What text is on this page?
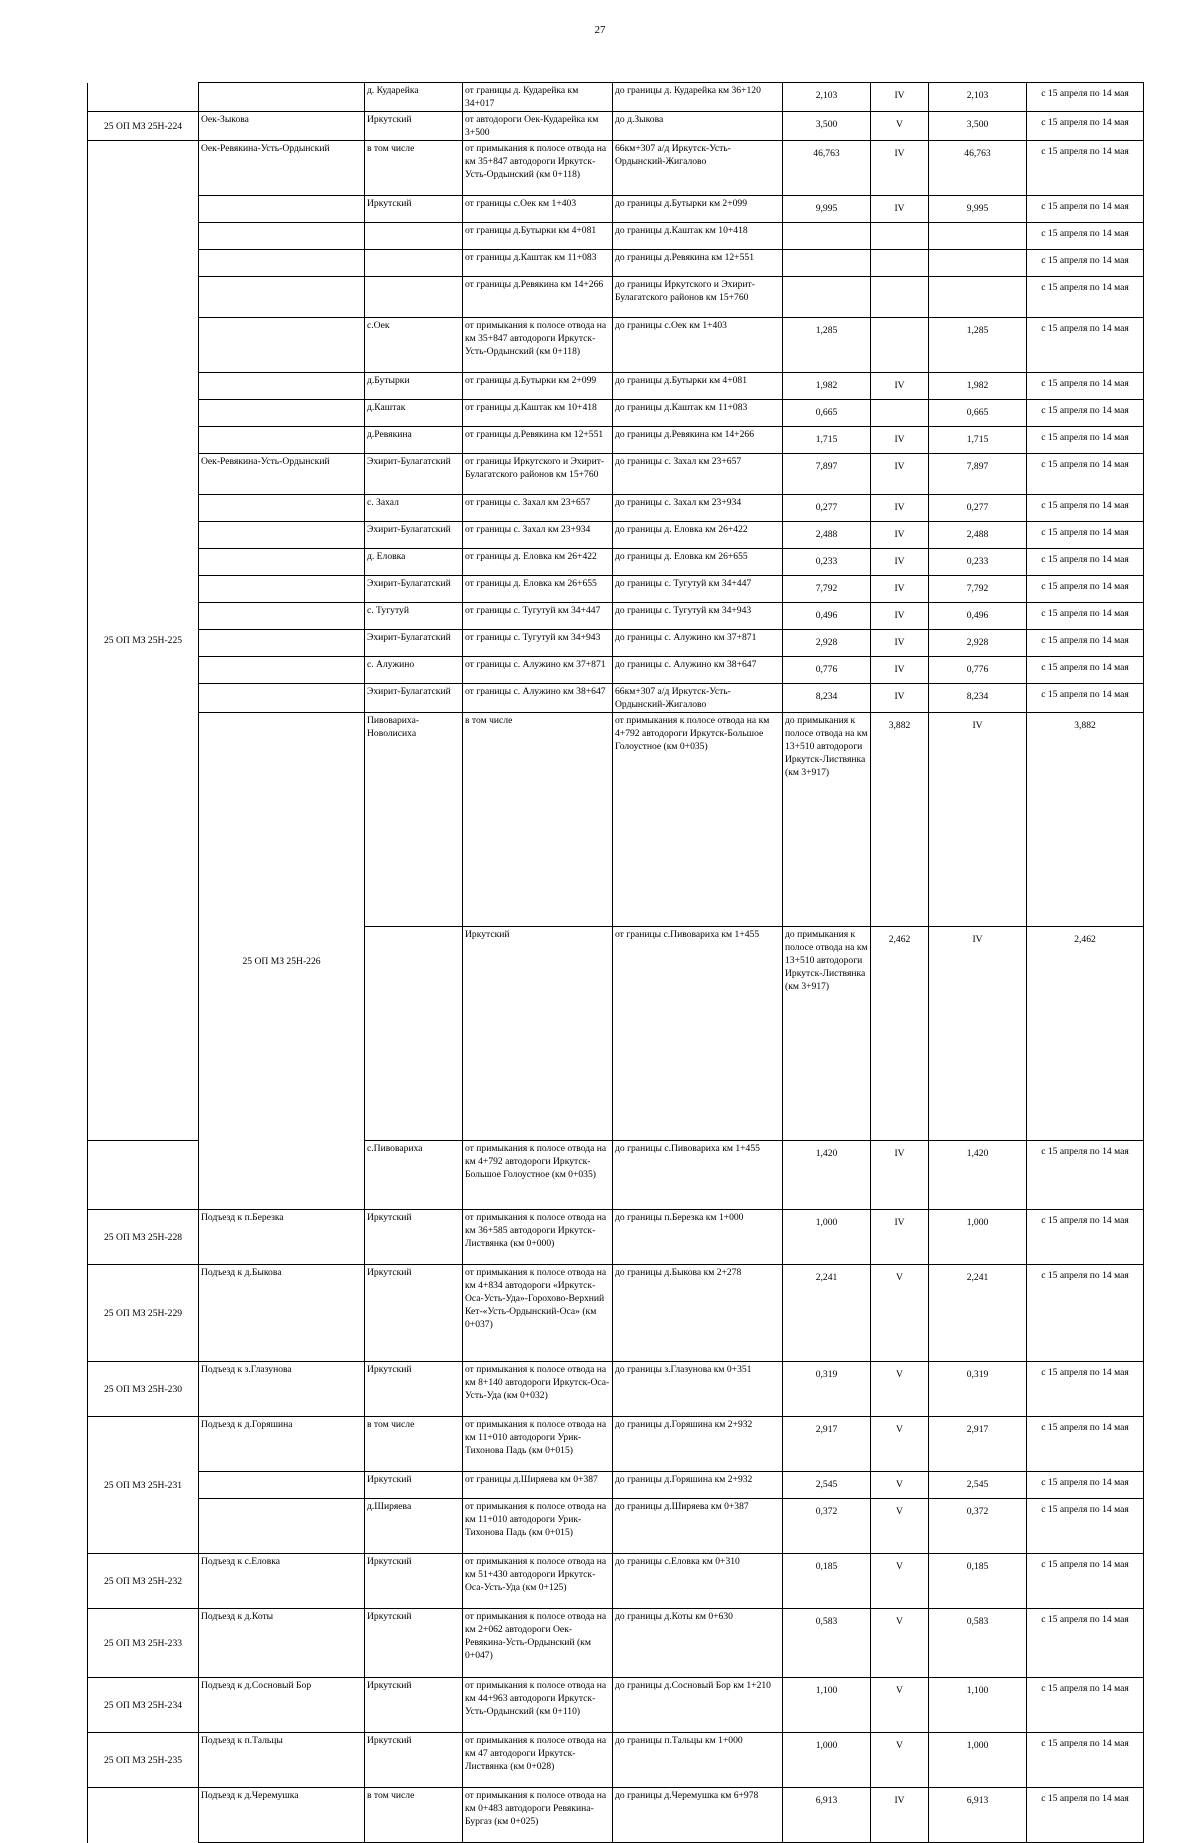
27
		д. Кударейка	от границы д. Кударейка км 34+017	до границы д. Кударейка км 36+120	2,103	IV	2,103	с 15 апреля по 14 мая	
25 ОП МЗ 25Н-224	Оек-Зыкова	Иркутский	от автодороги Оек-Кударейка км 3+500	до д.Зыкова	3,500	V	3,500	с 15 апреля по 14 мая	
25 ОП МЗ 25Н-225	Оек-Ревякина-Усть-Ордынский	в том числе	от примыкания к полосе отвода на км 35+847 автодороги Иркутск-Усть-Ордынский (км 0+118)	66км+307 а/д Иркутск-Усть-Ордынский-Жигалово	46,763	IV	46,763	с 15 апреля по 14 мая	
		Иркутский	от границы с.Оек км 1+403	до границы д.Бутырки км 2+099	9,995	IV	9,995	с 15 апреля по 14 мая	
			от границы д.Бутырки км 4+081	до границы д.Каштак км 10+418				с 15 апреля по 14 мая	
			от границы д.Каштак км 11+083	до границы д.Ревякина км 12+551				с 15 апреля по 14 мая	
			от границы д.Ревякина км 14+266	до границы Иркутского и Эхирит-Булагатского районов км 15+760				с 15 апреля по 14 мая	
		с.Оек	от примыкания к полосе отвода на км 35+847 автодороги Иркутск-Усть-Ордынский (км 0+118)	до границы с.Оек км 1+403	1,285		1,285	с 15 апреля по 14 мая	
		д.Бутырки	от границы д.Бутырки км 2+099	до границы д.Бутырки км 4+081	1,982	IV	1,982	с 15 апреля по 14 мая	
		д.Каштак	от границы д.Каштак км 10+418	до границы д.Каштак км 11+083	0,665		0,665	с 15 апреля по 14 мая	
		д.Ревякина	от границы д.Ревякина км 12+551	до границы д.Ревякина км 14+266	1,715	IV	1,715	с 15 апреля по 14 мая	
	Оек-Ревякина-Усть-Ордынский	Эхирит-Булагатский	от границы Иркутского и Эхирит-Булагатского районов км 15+760	до границы с. Захал км 23+657	7,897	IV	7,897	с 15 апреля по 14 мая	
		с. Захал	от границы с. Захал км 23+657	до границы с. Захал км 23+934	0,277	IV	0,277	с 15 апреля по 14 мая	
		Эхирит-Булагатский	от границы с. Захал км 23+934	до границы д. Еловка км 26+422	2,488	IV	2,488	с 15 апреля по 14 мая	
		д. Еловка	от границы д. Еловка км 26+422	до границы д. Еловка км 26+655	0,233	IV	0,233	с 15 апреля по 14 мая	
		Эхирит-Булагатский	от границы д. Еловка км 26+655	до границы с. Тугутуй км 34+447	7,792	IV	7,792	с 15 апреля по 14 мая	
		с. Тугутуй	от границы с. Тугутуй км 34+447	до границы с. Тугутуй км 34+943	0,496	IV	0,496	с 15 апреля по 14 мая	
		Эхирит-Булагатский	от границы с. Тугутуй км 34+943	до границы с. Алужино км 37+871	2,928	IV	2,928	с 15 апреля по 14 мая	
		с. Алужино	от границы с. Алужино км 37+871	до границы с. Алужино км 38+647	0,776	IV	0,776	с 15 апреля по 14 мая	
		Эхирит-Булагатский	от границы с. Алужино км 38+647	66км+307 а/д Иркутск-Усть-Ордынский-Жигалово	8,234	IV	8,234	с 15 апреля по 14 мая	
	25 ОП МЗ 25Н-226	Пивовариха-Новолисиха	в том числе	от примыкания к полосе отвода на км 4+792 автодороги Иркутск-Большое Голоустное (км 0+035)	до примыкания к полосе отвода на км 13+510 автодороги Иркутск-Листвянка (км 3+917)	3,882	IV	3,882	
			Иркутский	от границы с.Пивовариха км 1+455	до примыкания к полосе отвода на км 13+510 автодороги Иркутск-Листвянка (км 3+917)	2,462	IV	2,462	
		с.Пивовариха	от примыкания к полосе отвода на км 4+792 автодороги Иркутск-Большое Голоустное (км 0+035)	до границы с.Пивовариха км 1+455	1,420	IV	1,420	с 15 апреля по 14 мая	
25 ОП МЗ 25Н-228	Подъезд к п.Березка	Иркутский	от примыкания к полосе отвода на км 36+585 автодороги Иркутск-Листвянка (км 0+000)	до границы п.Березка км 1+000	1,000	IV	1,000	с 15 апреля по 14 мая	
25 ОП МЗ 25Н-229	Подъезд к д.Быкова	Иркутский	от примыкания к полосе отвода на км 4+834 автодороги «Иркутск-Оса-Усть-Уда»-Горохово-Верхний Кет-«Усть-Ордынский-Оса» (км 0+037)	до границы д.Быкова км 2+278	2,241	V	2,241	с 15 апреля по 14 мая	
25 ОП МЗ 25Н-230	Подъезд к з.Глазунова	Иркутский	от примыкания к полосе отвода на км 8+140 автодороги Иркутск-Оса-Усть-Уда (км 0+032)	до границы з.Глазунова км 0+351	0,319	V	0,319	с 15 апреля по 14 мая	
25 ОП МЗ 25Н-231	Подъезд к д.Горяшина	в том числе	от примыкания к полосе отвода на км 11+010 автодороги Урик-Тихонова Падь (км 0+015)	до границы д.Горяшина км 2+932	2,917	V	2,917	с 15 апреля по 14 мая	
		Иркутский	от границы д.Ширяева км 0+387	до границы д.Горяшина км 2+932	2,545	V	2,545	с 15 апреля по 14 мая	
		д.Ширяева	от примыкания к полосе отвода на км 11+010 автодороги Урик-Тихонова Падь (км 0+015)	до границы д.Ширяева км 0+387	0,372	V	0,372	с 15 апреля по 14 мая	
25 ОП МЗ 25Н-232	Подъезд к с.Еловка	Иркутский	от примыкания к полосе отвода на км 51+430 автодороги Иркутск-Оса-Усть-Уда (км 0+125)	до границы с.Еловка км 0+310	0,185	V	0,185	с 15 апреля по 14 мая	
25 ОП МЗ 25Н-233	Подъезд к д.Коты	Иркутский	от примыкания к полосе отвода на км 2+062 автодороги Оек-Ревякина-Усть-Ордынский (км 0+047)	до границы д.Коты км 0+630	0,583	V	0,583	с 15 апреля по 14 мая	
25 ОП МЗ 25Н-234	Подъезд к д.Сосновый Бор	Иркутский	от примыкания к полосе отвода на км 44+963 автодороги Иркутск-Усть-Ордынский (км 0+110)	до границы д.Сосновый Бор км 1+210	1,100	V	1,100	с 15 апреля по 14 мая	
25 ОП МЗ 25Н-235	Подъезд к п.Тальцы	Иркутский	от примыкания к полосе отвода на км 47 автодороги Иркутск-Листвянка (км 0+028)	до границы п.Тальцы км 1+000	1,000	V	1,000	с 15 апреля по 14 мая	
	Подъезд к д.Черемушка	в том числе	от примыкания к полосе отвода на км 0+483 автодороги Ревякина-Бургаз (км 0+025)	до границы д.Черемушка км 6+978	6,913	IV	6,913	с 15 апреля по 14 мая	
